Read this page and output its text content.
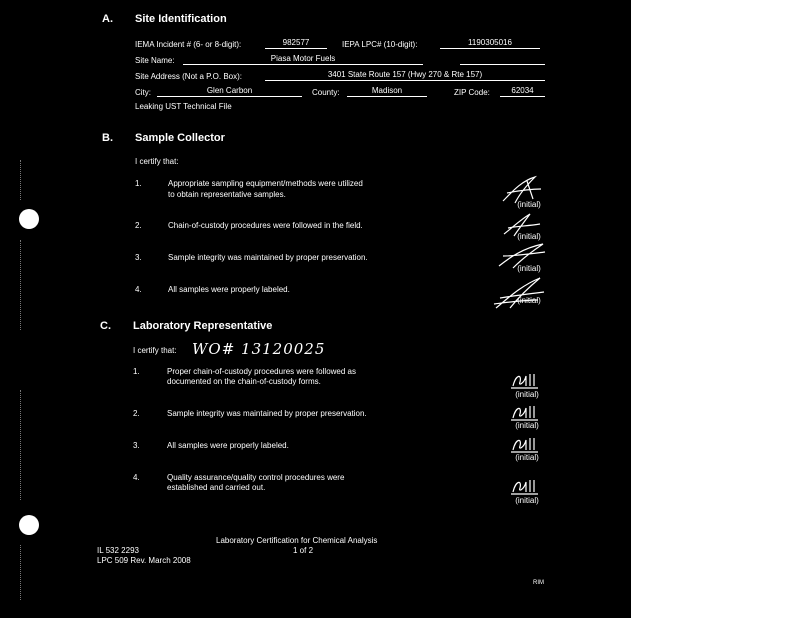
A. Site Identification
IEMA Incident # (6- or 8-digit):	982577	IEPA LPC# (10-digit):	1190305016
Site Name:	Piasa Motor Fuels
Site Address (Not a P.O. Box):	3401 State Route 157 (Hwy 270 & Rte 157)
City:	Glen Carbon	County:	Madison	ZIP Code:	62034
Leaking UST Technical File
B. Sample Collector
I certify that:
1.	Appropriate sampling equipment/methods were utilized
to obtain representative samples.
2.	Chain-of-custody procedures were followed in the field.
3.	Sample integrity was maintained by proper preservation.
4.	All samples were properly labeled.
(initial)
(initial)
(initial)
(initial)
C. Laboratory Representative
I certify that: WO# 13120025
1.	Proper chain-of-custody procedures were followed as
documented on the chain-of-custody forms.
2.	Sample integrity was maintained by proper preservation.
3.	All samples were properly labeled.
4.	Quality assurance/quality control procedures were
established and carried out.
(initial)
(initial)
(initial)
(initial)
Laboratory Certification for Chemical Analysis
1 of 2
IL 532 2293
LPC 509 Rev. March 2008
RIM
